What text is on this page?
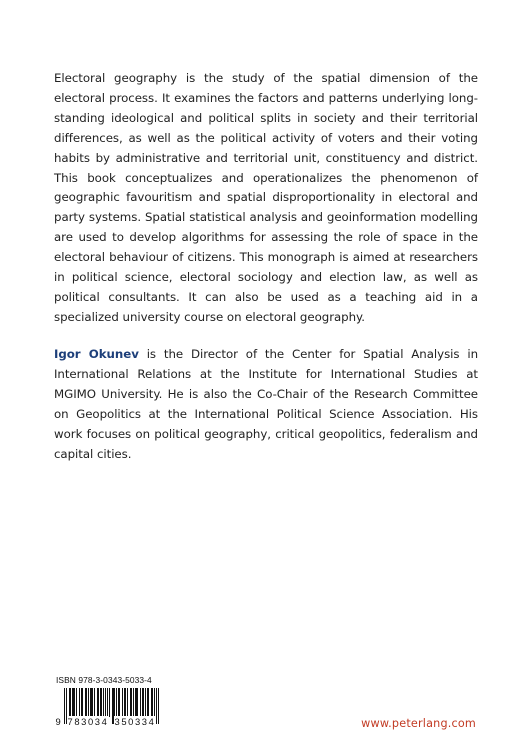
Electoral geography is the study of the spatial dimension of the electoral process. It examines the factors and patterns underlying long-standing ideological and political splits in society and their territorial differences, as well as the political activity of voters and their voting habits by administrative and territorial unit, constituency and district. This book conceptualizes and operationalizes the phenomenon of geographic favouritism and spatial disproportionality in electoral and party systems. Spatial statistical analysis and geoinformation modelling are used to develop algorithms for assessing the role of space in the electoral behaviour of citizens. This monograph is aimed at researchers in political science, electoral sociology and election law, as well as political consultants. It can also be used as a teaching aid in a specialized university course on electoral geography.

Igor Okunev is the Director of the Center for Spatial Analysis in International Relations at the Institute for International Studies at MGIMO University. He is also the Co-Chair of the Research Committee on Geopolitics at the International Political Science Association. His work focuses on political geography, critical geopolitics, federalism and capital cities.

ISBN 978-3-0343-5033-4

9 783034 350334	www.peterlang.com
